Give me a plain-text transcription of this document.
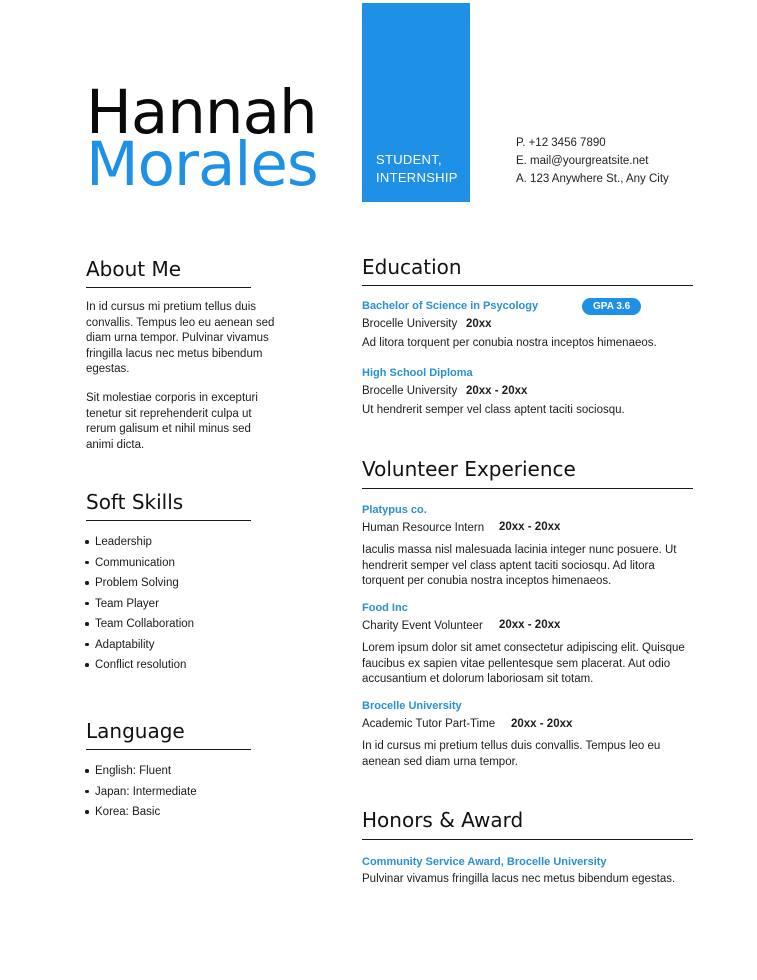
Hannah
Morales	STUDENT,
INTERNSHIP
P. +12 3456 7890
E. mail@yourgreatsite.net
A. 123 Anywhere St., Any City
About Me
In id cursus mi pretium tellus duis convallis. Tempus leo eu aenean sed diam urna tempor. Pulvinar vivamus fringilla lacus nec metus bibendum egestas.
Sit molestiae corporis in excepturi tenetur sit reprehenderit culpa ut rerum galisum et nihil minus sed animi dicta.
Soft Skills
Leadership
Communication
Problem Solving
Team Player
Team Collaboration
Adaptability
Conflict resolution
Language
English: Fluent
Japan: Intermediate
Korea: Basic
Education
Bachelor of Science in Psycology	GPA 3.6
Brocelle University 20xx
Ad litora torquent per conubia nostra inceptos himenaeos.
High School Diploma
Brocelle University 20xx - 20xx
Ut hendrerit semper vel class aptent taciti sociosqu.
Volunteer Experience
Platypus co.
Human Resource Intern 20xx - 20xx
Iaculis massa nisl malesuada lacinia integer nunc posuere. Ut hendrerit semper vel class aptent taciti sociosqu. Ad litora torquent per conubia nostra inceptos himenaeos.
Food Inc
Charity Event Volunteer 20xx - 20xx
Lorem ipsum dolor sit amet consectetur adipiscing elit. Quisque faucibus ex sapien vitae pellentesque sem placerat. Aut odio accusantium et dolorum laboriosam sit totam.
Brocelle University
Academic Tutor Part-Time 20xx - 20xx
In id cursus mi pretium tellus duis convallis. Tempus leo eu aenean sed diam urna tempor.
Honors & Award
Community Service Award, Brocelle University
Pulvinar vivamus fringilla lacus nec metus bibendum egestas.
